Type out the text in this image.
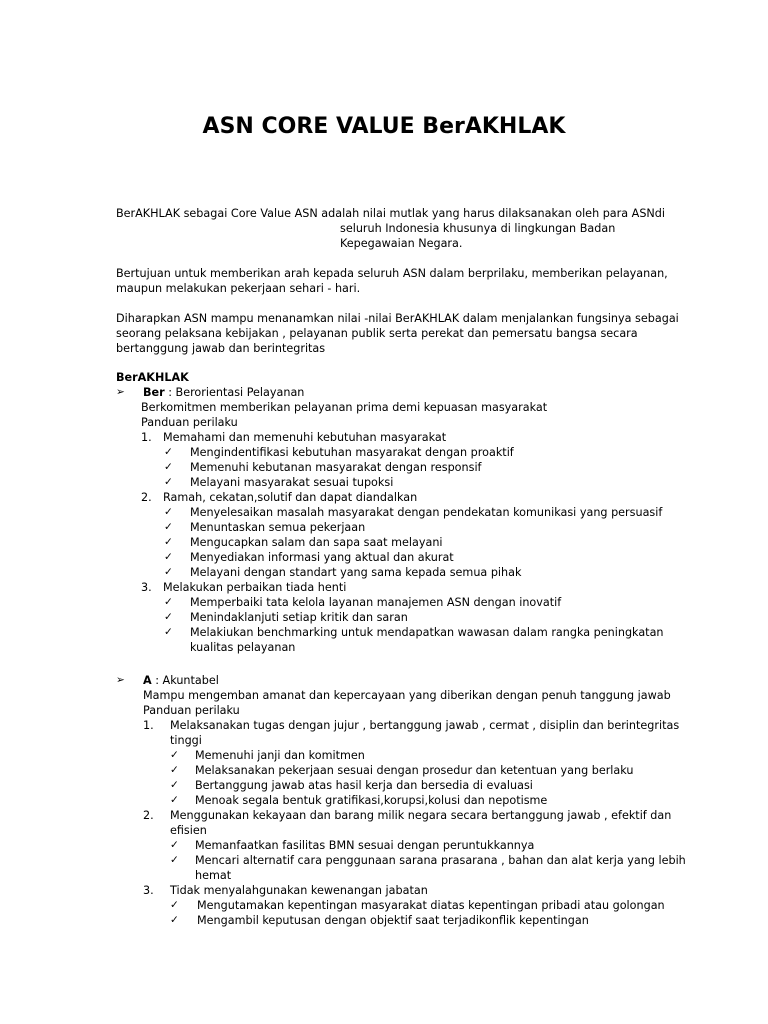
ASN CORE VALUE BerAKHLAK
BerAKHLAK sebagai Core Value ASN adalah nilai mutlak yang harus dilaksanakan oleh para ASNdi
seluruh Indonesia khusunya di lingkungan Badan
Kepegawaian Negara.
Bertujuan untuk memberikan arah kepada seluruh ASN dalam berprilaku, memberikan pelayanan,
maupun melakukan pekerjaan sehari - hari.
Diharapkan ASN mampu menanamkan nilai -nilai BerAKHLAK dalam menjalankan fungsinya sebagai
seorang pelaksana kebijakan , pelayanan publik serta perekat dan pemersatu bangsa secara
bertanggung jawab dan berintegritas
BerAKHLAK
➢	Ber : Berorientasi Pelayanan
Berkomitmen memberikan pelayanan prima demi kepuasan masyarakat
Panduan perilaku
1. Memahami dan memenuhi kebutuhan masyarakat
✓	Mengindentifikasi kebutuhan masyarakat dengan proaktif
✓	Memenuhi kebutanan masyarakat dengan responsif
✓	Melayani masyarakat sesuai tupoksi
2. Ramah, cekatan,solutif dan dapat diandalkan
✓	Menyelesaikan masalah masyarakat dengan pendekatan komunikasi yang persuasif
✓	Menuntaskan semua pekerjaan
✓	Mengucapkan salam dan sapa saat melayani
✓	Menyediakan informasi yang aktual dan akurat
✓	Melayani dengan standart yang sama kepada semua pihak
3. Melakukan perbaikan tiada henti
✓	Memperbaiki tata kelola layanan manajemen ASN dengan inovatif
✓	Menindaklanjuti setiap kritik dan saran
✓	Melakiukan benchmarking untuk mendapatkan wawasan dalam rangka peningkatan
kualitas pelayanan
➢	A : Akuntabel
Mampu mengemban amanat dan kepercayaan yang diberikan dengan penuh tanggung jawab
Panduan perilaku
1. Melaksanakan tugas dengan jujur , bertanggung jawab , cermat , disiplin dan berintegritas
tinggi
✓	Memenuhi janji dan komitmen
✓	Melaksanakan pekerjaan sesuai dengan prosedur dan ketentuan yang berlaku
✓	Bertanggung jawab atas hasil kerja dan bersedia di evaluasi
✓	Menoak segala bentuk gratifikasi,korupsi,kolusi dan nepotisme
2. Menggunakan kekayaan dan barang milik negara secara bertanggung jawab , efektif dan
efisien
✓	Memanfaatkan fasilitas BMN sesuai dengan peruntukkannya
✓	Mencari alternatif cara penggunaan sarana prasarana , bahan dan alat kerja yang lebih
hemat
3. Tidak menyalahgunakan kewenangan jabatan
✓	Mengutamakan kepentingan masyarakat diatas kepentingan pribadi atau golongan
✓	Mengambil keputusan dengan objektif saat terjadikonflik kepentingan
